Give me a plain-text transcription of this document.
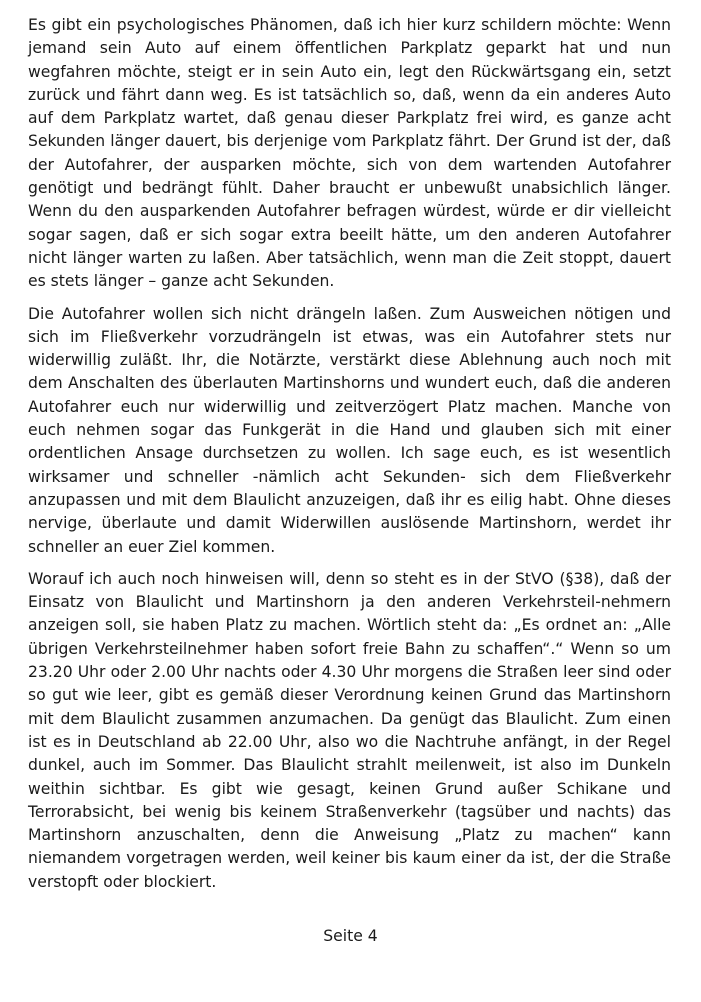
Es gibt ein psychologisches Phänomen, daß ich hier kurz schildern möchte: Wenn jemand sein Auto auf einem öffentlichen Parkplatz geparkt hat und nun wegfahren möchte, steigt er in sein Auto ein, legt den Rückwärtsgang ein, setzt zurück und fährt dann weg. Es ist tatsächlich so, daß, wenn da ein anderes Auto auf dem Parkplatz wartet, daß genau dieser Parkplatz frei wird, es ganze acht Sekunden länger dauert, bis derjenige vom Parkplatz fährt. Der Grund ist der, daß der Autofahrer, der ausparken möchte, sich von dem wartenden Autofahrer genötigt und bedrängt fühlt. Daher braucht er unbewußt unabsichlich länger. Wenn du den ausparkenden Autofahrer befragen würdest, würde er dir vielleicht sogar sagen, daß er sich sogar extra beeilt hätte, um den anderen Autofahrer nicht länger warten zu laßen. Aber tatsächlich, wenn man die Zeit stoppt, dauert es stets länger – ganze acht Sekunden.

Die Autofahrer wollen sich nicht drängeln laßen. Zum Ausweichen nötigen und sich im Fließverkehr vorzudrängeln ist etwas, was ein Autofahrer stets nur widerwillig zuläßt. Ihr, die Notärzte, verstärkt diese Ablehnung auch noch mit dem Anschalten des überlauten Martinshorns und wundert euch, daß die anderen Autofahrer euch nur widerwillig und zeitverzögert Platz machen. Manche von euch nehmen sogar das Funkgerät in die Hand und glauben sich mit einer ordentlichen Ansage durchsetzen zu wollen. Ich sage euch, es ist wesentlich wirksamer und schneller -nämlich acht Sekunden- sich dem Fließverkehr anzupassen und mit dem Blaulicht anzuzeigen, daß ihr es eilig habt. Ohne dieses nervige, überlaute und damit Widerwillen auslösende Martinshorn, werdet ihr schneller an euer Ziel kommen.

Worauf ich auch noch hinweisen will, denn so steht es in der StVO (§38), daß der Einsatz von Blaulicht und Martinshorn ja den anderen Verkehrsteil-nehmern anzeigen soll, sie haben Platz zu machen. Wörtlich steht da: „Es ordnet an: „Alle übrigen Verkehrsteilnehmer haben sofort freie Bahn zu schaffen“.“ Wenn so um 23.20 Uhr oder 2.00 Uhr nachts oder 4.30 Uhr morgens die Straßen leer sind oder so gut wie leer, gibt es gemäß dieser Verordnung keinen Grund das Martinshorn mit dem Blaulicht zusammen anzumachen. Da genügt das Blaulicht. Zum einen ist es in Deutschland ab 22.00 Uhr, also wo die Nachtruhe anfängt, in der Regel dunkel, auch im Sommer. Das Blaulicht strahlt meilenweit, ist also im Dunkeln weithin sichtbar. Es gibt wie gesagt, keinen Grund außer Schikane und Terrorabsicht, bei wenig bis keinem Straßenverkehr (tagsüber und nachts) das Martinshorn anzuschalten, denn die Anweisung „Platz zu machen“ kann niemandem vorgetragen werden, weil keiner bis kaum einer da ist, der die Straße verstopft oder blockiert.

Seite 4
